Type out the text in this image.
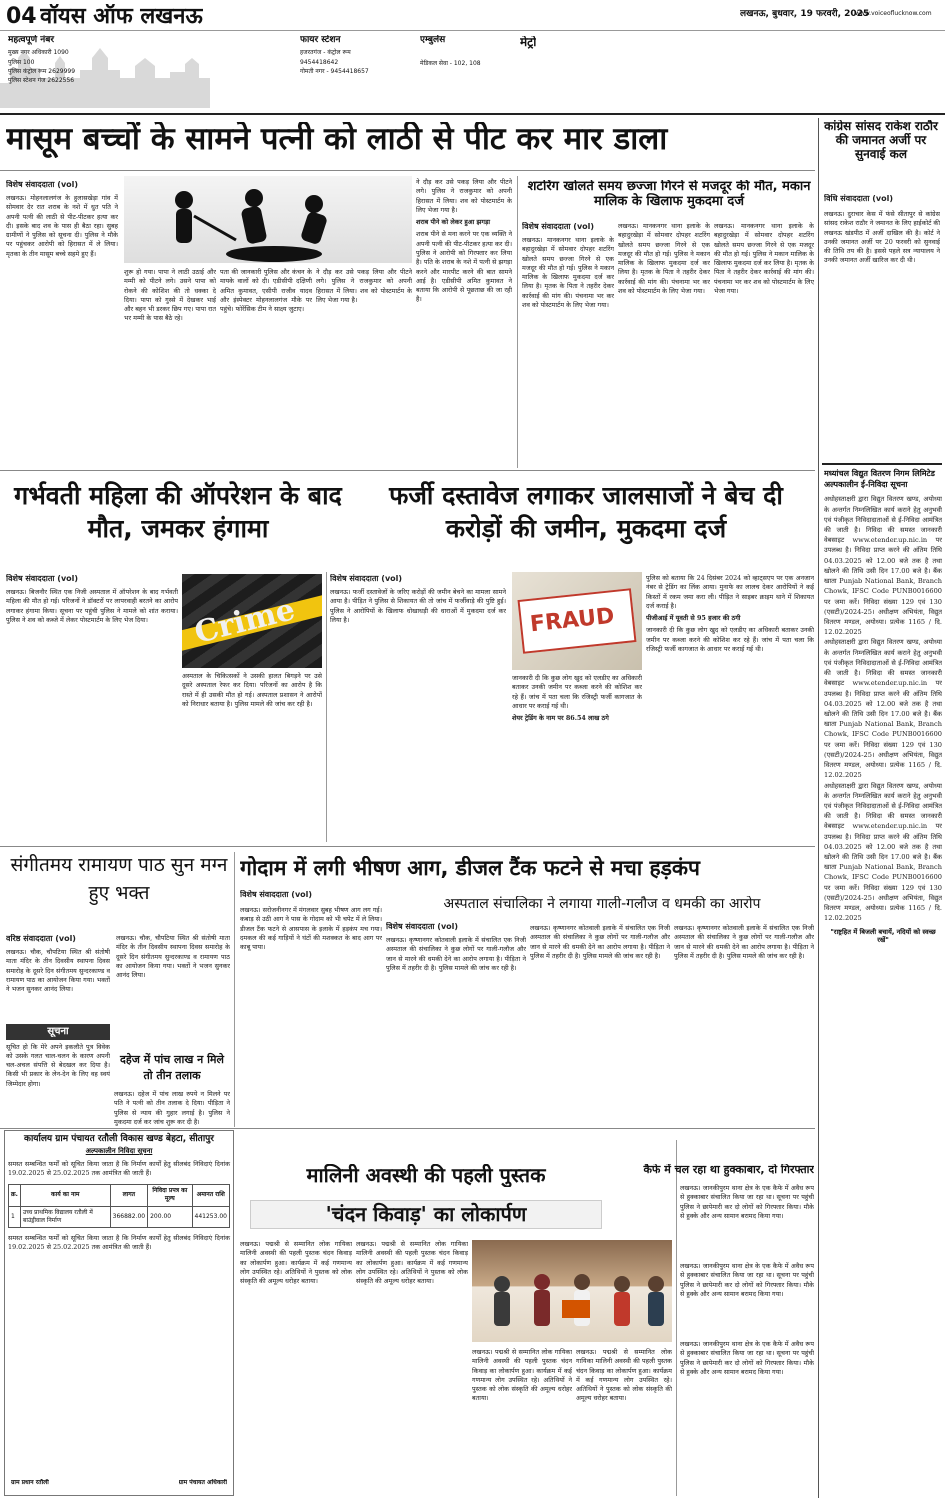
04 वॉयस ऑफ लखनऊ	लखनऊ, बुधवार, 19 फरवरी, 2025
www.voiceoflucknow.com
महत्वपूर्ण नंबर
मुख्य नगर अधिकारी 1090
पुलिस 100
पुलिस कंट्रोल रूम 2629999
पुलिस स्टेशन गंज 2622556
फायर स्टेशन
हजरतगंज - कंट्रोल रूम
9454418642
गोमती नगर - 9454418657
एम्बुलेंस
मेडिकल सेवा - 102, 108
मेट्रो
मासूम बच्चों के सामने पत्नी को लाठी से पीट कर मार डाला
विशेष संवाददाता (vol)
लखनऊ। मोहनलालगंज के हुलासखेड़ा गांव में सोमवार देर रात शराब के नशे में धुत पति ने अपनी पत्नी की लाठी से पीट-पीटकर हत्या कर दी। इसके बाद शव के पास ही बैठा रहा। सुबह ग्रामीणों ने पुलिस को सूचना दी। पुलिस ने मौके पर पहुंचकर आरोपी को हिरासत में ले लिया। मृतका के तीन मासूम बच्चे सहमे हुए हैं।
शुरू हो गया। पापा ने लाठी उठाई और मम्मी को पीटने लगे। उसने पापा को रोकने की कोशिश की तो धक्का दे दिया। पापा को गुस्से में देखकर भाई और बहन भी डरकर छिप गए। पापा रात भर मम्मी के पास बैठे रहे।
पता की जानकारी पुलिस और कंचन के मायके वालों को दी। एडीसीपी दक्षिणी अमित कुमावत, एसीपी राजीव यादव और इंस्पेक्टर मोहनलालगंज मौके पर पहुंचे। फोरेंसिक टीम ने साक्ष्य जुटाए।
ने दौड़ कर उसे पकड़ लिया और पीटने लगे। पुलिस ने राजकुमार को अपनी हिरासत में लिया। शव को पोस्टमार्टम के लिए भेजा गया है।
ने दौड़ कर उसे पकड़ लिया और पीटने लगे। पुलिस ने राजकुमार को अपनी हिरासत में लिया। शव को पोस्टमार्टम के लिए भेजा गया है।
शराब पीने को लेकर हुआ झगड़ा
शराब पीने से मना करने पर एक व्यक्ति ने अपनी पत्नी की पीट-पीटकर हत्या कर दी। पुलिस ने आरोपी को गिरफ्तार कर लिया है। पति के शराब के नशे में पत्नी से झगड़ा करने और मारपीट करने की बात सामने आई है। एडीसीपी अमित कुमावत ने बताया कि आरोपी से पूछताछ की जा रही है।
शटरिंग खोलते समय छज्जा गिरने से मजदूर की मौत, मकान मालिक के खिलाफ मुकदमा दर्ज
विशेष संवाददाता (vol)
लखनऊ। मानकनगर थाना इलाके के बहादुरखेड़ा में सोमवार दोपहर शटरिंग खोलते समय छज्जा गिरने से एक मजदूर की मौत हो गई। पुलिस ने मकान मालिक के खिलाफ मुकदमा दर्ज कर लिया है। मृतक के पिता ने तहरीर देकर कार्रवाई की मांग की। पंचनामा भर कर शव को पोस्टमार्टम के लिए भेजा गया।
लखनऊ। मानकनगर थाना इलाके के बहादुरखेड़ा में सोमवार दोपहर शटरिंग खोलते समय छज्जा गिरने से एक मजदूर की मौत हो गई। पुलिस ने मकान मालिक के खिलाफ मुकदमा दर्ज कर लिया है। मृतक के पिता ने तहरीर देकर कार्रवाई की मांग की। पंचनामा भर कर शव को पोस्टमार्टम के लिए भेजा गया।
लखनऊ। मानकनगर थाना इलाके के बहादुरखेड़ा में सोमवार दोपहर शटरिंग खोलते समय छज्जा गिरने से एक मजदूर की मौत हो गई। पुलिस ने मकान मालिक के खिलाफ मुकदमा दर्ज कर लिया है। मृतक के पिता ने तहरीर देकर कार्रवाई की मांग की। पंचनामा भर कर शव को पोस्टमार्टम के लिए भेजा गया।
कांग्रेस सांसद राकेश राठौर की जमानत अर्जी पर सुनवाई कल
विधि संवाददाता (vol)
लखनऊ। दुराचार केस में फंसे सीतापुर से कांग्रेस सांसद राकेश राठौर ने जमानत के लिए हाईकोर्ट की लखनऊ खंडपीठ में अर्जी दाखिल की है। कोर्ट ने उनकी जमानत अर्जी पर 20 फरवरी को सुनवाई की तिथि तय की है। इससे पहले सत्र न्यायालय ने उनकी जमानत अर्जी खारिज कर दी थी।
मध्यांचल विद्युत वितरण निगम लिमिटेड अल्पकालीन ई-निविदा सूचना
अधोहस्ताक्षरी द्वारा विद्युत वितरण खण्ड, अयोध्या के अन्तर्गत निम्नलिखित कार्य कराने हेतु अनुभवी एवं पंजीकृत निविदादाताओं से ई-निविदा आमंत्रित की जाती है। निविदा की समस्त जानकारी वेबसाइट www.etender.up.nic.in पर उपलब्ध है। निविदा प्राप्त करने की अंतिम तिथि 04.03.2025 को 12.00 बजे तक है तथा खोलने की तिथि उसी दिन 17.00 बजे है। बैंक खाता Punjab National Bank, Branch Chowk, IFSC Code PUNB0016600 पर जमा करें। निविदा संख्या 129 एवं 130 (एसटी)/2024-25। अधीक्षण अभियंता, विद्युत वितरण मण्डल, अयोध्या। प्रत्येक 1165 / दि. 12.02.2025
अधोहस्ताक्षरी द्वारा विद्युत वितरण खण्ड, अयोध्या के अन्तर्गत निम्नलिखित कार्य कराने हेतु अनुभवी एवं पंजीकृत निविदादाताओं से ई-निविदा आमंत्रित की जाती है। निविदा की समस्त जानकारी वेबसाइट www.etender.up.nic.in पर उपलब्ध है। निविदा प्राप्त करने की अंतिम तिथि 04.03.2025 को 12.00 बजे तक है तथा खोलने की तिथि उसी दिन 17.00 बजे है। बैंक खाता Punjab National Bank, Branch Chowk, IFSC Code PUNB0016600 पर जमा करें। निविदा संख्या 129 एवं 130 (एसटी)/2024-25। अधीक्षण अभियंता, विद्युत वितरण मण्डल, अयोध्या। प्रत्येक 1165 / दि. 12.02.2025
अधोहस्ताक्षरी द्वारा विद्युत वितरण खण्ड, अयोध्या के अन्तर्गत निम्नलिखित कार्य कराने हेतु अनुभवी एवं पंजीकृत निविदादाताओं से ई-निविदा आमंत्रित की जाती है। निविदा की समस्त जानकारी वेबसाइट www.etender.up.nic.in पर उपलब्ध है। निविदा प्राप्त करने की अंतिम तिथि 04.03.2025 को 12.00 बजे तक है तथा खोलने की तिथि उसी दिन 17.00 बजे है। बैंक खाता Punjab National Bank, Branch Chowk, IFSC Code PUNB0016600 पर जमा करें। निविदा संख्या 129 एवं 130 (एसटी)/2024-25। अधीक्षण अभियंता, विद्युत वितरण मण्डल, अयोध्या। प्रत्येक 1165 / दि. 12.02.2025
"राष्ट्रहित में बिजली बचायें, नदियों को स्वच्छ रखें"
गर्भवती महिला की ऑपरेशन के बाद मौत, जमकर हंगामा
फर्जी दस्तावेज लगाकर जालसाजों ने बेच दी करोड़ों की जमीन, मुकदमा दर्ज
विशेष संवाददाता (vol)
लखनऊ। बिजनौर स्थित एक निजी अस्पताल में ऑपरेशन के बाद गर्भवती महिला की मौत हो गई। परिजनों ने डॉक्टरों पर लापरवाही बरतने का आरोप लगाकर हंगामा किया। सूचना पर पहुंची पुलिस ने मामले को शांत कराया। पुलिस ने शव को कब्जे में लेकर पोस्टमार्टम के लिए भेज दिया।	Crime
अस्पताल के चिकित्सकों ने उसकी हालत बिगड़ने पर उसे दूसरे अस्पताल रेफर कर दिया। परिजनों का आरोप है कि रास्ते में ही उसकी मौत हो गई। अस्पताल प्रशासन ने आरोपों को निराधार बताया है। पुलिस मामले की जांच कर रही है।
विशेष संवाददाता (vol)
लखनऊ। फर्जी दस्तावेजों के जरिए करोड़ों की जमीन बेचने का मामला सामने आया है। पीड़ित ने पुलिस से शिकायत की तो जांच में फर्जीवाड़े की पुष्टि हुई। पुलिस ने आरोपियों के खिलाफ धोखाधड़ी की धाराओं में मुकदमा दर्ज कर लिया है।	FRAUD
जानकारी दी कि कुछ लोग खुद को एलडीए का अधिकारी बताकर उनकी जमीन पर कब्जा करने की कोशिश कर रहे हैं। जांच में पता चला कि रजिस्ट्री फर्जी कागजात के आधार पर कराई गई थी।
शेयर ट्रेडिंग के नाम पर 86.54 लाख ठगे
पुलिस को बताया कि 24 दिसंबर 2024 को व्हाट्सएप पर एक अनजान नंबर से ट्रेडिंग का लिंक आया। मुनाफे का लालच देकर आरोपियों ने कई किस्तों में रकम जमा करा ली। पीड़ित ने साइबर क्राइम थाने में शिकायत दर्ज कराई है।
पीजीआई में यूवती से 95 हजार की ठगी
जानकारी दी कि कुछ लोग खुद को एलडीए का अधिकारी बताकर उनकी जमीन पर कब्जा करने की कोशिश कर रहे हैं। जांच में पता चला कि रजिस्ट्री फर्जी कागजात के आधार पर कराई गई थी।
संगीतमय रामायण पाठ सुन मग्न हुए भक्त
वरिष्ठ संवाददाता (vol)
लखनऊ। चौक, चौपटिया स्थित श्री संतोषी माता मंदिर के तीन दिवसीय स्थापना दिवस समारोह के दूसरे दिन संगीतमय सुन्दरकाण्ड व रामायण पाठ का आयोजन किया गया। भक्तों ने भजन सुनकर आनंद लिया।
लखनऊ। चौक, चौपटिया स्थित श्री संतोषी माता मंदिर के तीन दिवसीय स्थापना दिवस समारोह के दूसरे दिन संगीतमय सुन्दरकाण्ड व रामायण पाठ का आयोजन किया गया। भक्तों ने भजन सुनकर आनंद लिया।
सूचना
सूचित हो कि मेरे अपने इकलौते पुत्र विवेक को उसके गलत चाल-चलन के कारण अपनी चल-अचल संपत्ति से बेदखल कर दिया है। किसी भी प्रकार के लेन-देन के लिए वह स्वयं जिम्मेदार होगा।
दहेज में पांच लाख न मिले तो तीन तलाक
लखनऊ। दहेज में पांच लाख रुपये न मिलने पर पति ने पत्नी को तीन तलाक दे दिया। पीड़िता ने पुलिस से न्याय की गुहार लगाई है। पुलिस ने मुकदमा दर्ज कर जांच शुरू कर दी है।
गोदाम में लगी भीषण आग, डीजल टैंक फटने से मचा हड़कंप
विशेष संवाददाता (vol)
लखनऊ। सरोजनीनगर में मंगलवार सुबह भीषण आग लग गई। कबाड़ से उठी आग ने पास के गोदाम को भी चपेट में ले लिया। डीजल टैंक फटने से आसपास के इलाके में हड़कंप मच गया। दमकल की कई गाड़ियों ने घंटों की मशक्कत के बाद आग पर काबू पाया।
अस्पताल संचालिका ने लगाया गाली-गलौज व धमकी का आरोप
विशेष संवाददाता (vol)
लखनऊ। कृष्णानगर कोतवाली इलाके में संचालित एक निजी अस्पताल की संचालिका ने कुछ लोगों पर गाली-गलौज और जान से मारने की धमकी देने का आरोप लगाया है। पीड़िता ने पुलिस में तहरीर दी है। पुलिस मामले की जांच कर रही है।
लखनऊ। कृष्णानगर कोतवाली इलाके में संचालित एक निजी अस्पताल की संचालिका ने कुछ लोगों पर गाली-गलौज और जान से मारने की धमकी देने का आरोप लगाया है। पीड़िता ने पुलिस में तहरीर दी है। पुलिस मामले की जांच कर रही है।
लखनऊ। कृष्णानगर कोतवाली इलाके में संचालित एक निजी अस्पताल की संचालिका ने कुछ लोगों पर गाली-गलौज और जान से मारने की धमकी देने का आरोप लगाया है। पीड़िता ने पुलिस में तहरीर दी है। पुलिस मामले की जांच कर रही है।
कार्यालय ग्राम पंचायत रतौली विकास खण्ड बेहटा, सीतापुर
अल्पकालीन निविदा सूचना
समस्त सम्बन्धित फर्मों को सूचित किया जाता है कि निर्माण कार्यों हेतु सीलबंद निविदाएं दिनांक 19.02.2025 से 25.02.2025 तक आमंत्रित की जाती हैं।
क्र.	कार्य का नाम	लागत	निविदा प्रपत्र का मूल्य	अमानत राशि
1	उच्च प्राथमिक विद्यालय रतौली में बाउंड्रीवाल निर्माण	366882.00	200.00	441253.00
समस्त सम्बन्धित फर्मों को सूचित किया जाता है कि निर्माण कार्यों हेतु सीलबंद निविदाएं दिनांक 19.02.2025 से 25.02.2025 तक आमंत्रित की जाती हैं।
ग्राम प्रधान रतौली	ग्राम पंचायत अधिकारी
मालिनी अवस्थी की पहली पुस्तक
'चंदन किवाड़' का लोकार्पण
लखनऊ। पद्मश्री से सम्मानित लोक गायिका मालिनी अवस्थी की पहली पुस्तक चंदन किवाड़ का लोकार्पण हुआ। कार्यक्रम में कई गणमान्य लोग उपस्थित रहे। अतिथियों ने पुस्तक को लोक संस्कृति की अमूल्य धरोहर बताया।
लखनऊ। पद्मश्री से सम्मानित लोक गायिका मालिनी अवस्थी की पहली पुस्तक चंदन किवाड़ का लोकार्पण हुआ। कार्यक्रम में कई गणमान्य लोग उपस्थित रहे। अतिथियों ने पुस्तक को लोक संस्कृति की अमूल्य धरोहर बताया।
लखनऊ। पद्मश्री से सम्मानित लोक गायिका मालिनी अवस्थी की पहली पुस्तक चंदन किवाड़ का लोकार्पण हुआ। कार्यक्रम में कई गणमान्य लोग उपस्थित रहे। अतिथियों ने पुस्तक को लोक संस्कृति की अमूल्य धरोहर बताया।
लखनऊ। पद्मश्री से सम्मानित लोक गायिका मालिनी अवस्थी की पहली पुस्तक चंदन किवाड़ का लोकार्पण हुआ। कार्यक्रम में कई गणमान्य लोग उपस्थित रहे। अतिथियों ने पुस्तक को लोक संस्कृति की अमूल्य धरोहर बताया।
कैफे में चल रहा था हुक्काबार, दो गिरफ्तार
लखनऊ। जानकीपुरम थाना क्षेत्र के एक कैफे में अवैध रूप से हुक्काबार संचालित किया जा रहा था। सूचना पर पहुंची पुलिस ने छापेमारी कर दो लोगों को गिरफ्तार किया। मौके से हुक्के और अन्य सामान बरामद किया गया।
लखनऊ। जानकीपुरम थाना क्षेत्र के एक कैफे में अवैध रूप से हुक्काबार संचालित किया जा रहा था। सूचना पर पहुंची पुलिस ने छापेमारी कर दो लोगों को गिरफ्तार किया। मौके से हुक्के और अन्य सामान बरामद किया गया।
लखनऊ। जानकीपुरम थाना क्षेत्र के एक कैफे में अवैध रूप से हुक्काबार संचालित किया जा रहा था। सूचना पर पहुंची पुलिस ने छापेमारी कर दो लोगों को गिरफ्तार किया। मौके से हुक्के और अन्य सामान बरामद किया गया।
